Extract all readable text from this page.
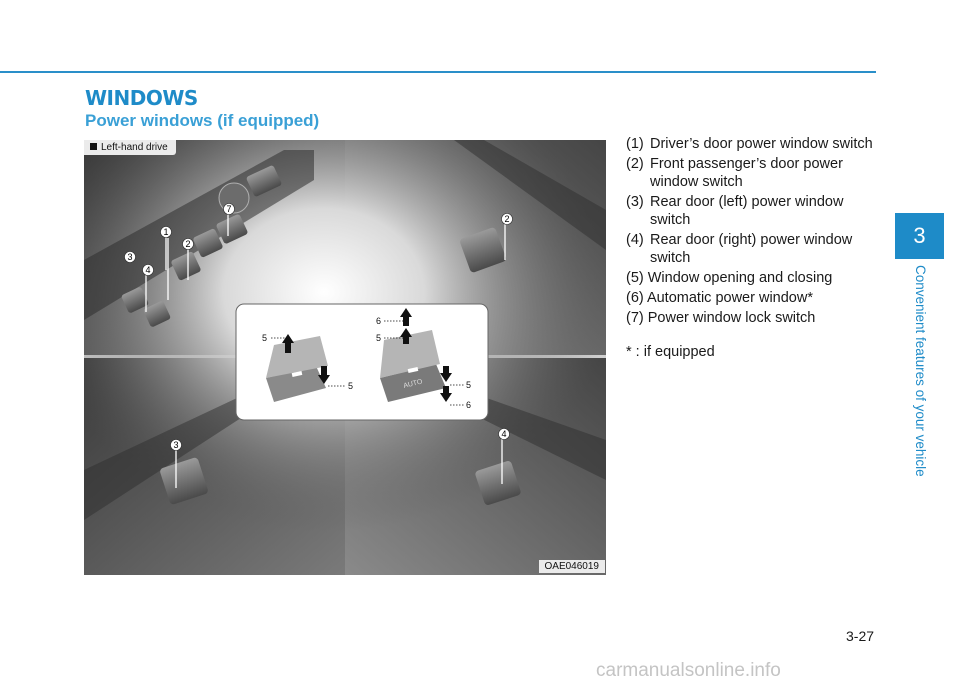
WINDOWS
Power windows (if equipped)
1
2
3
4
7
2
3
4
AUTO
5
5
6
5
5
6
Left-hand drive
OAE046019
(1) Driver’s door power window switch
(2) Front passenger’s door power window switch
(3) Rear door (left) power window switch
(4) Rear door (right) power window switch
(5) Window opening and closing
(6) Automatic power window*
(7) Power window lock switch
* : if equipped
3
Convenient features of your vehicle
3-27
carmanualsonline.info
